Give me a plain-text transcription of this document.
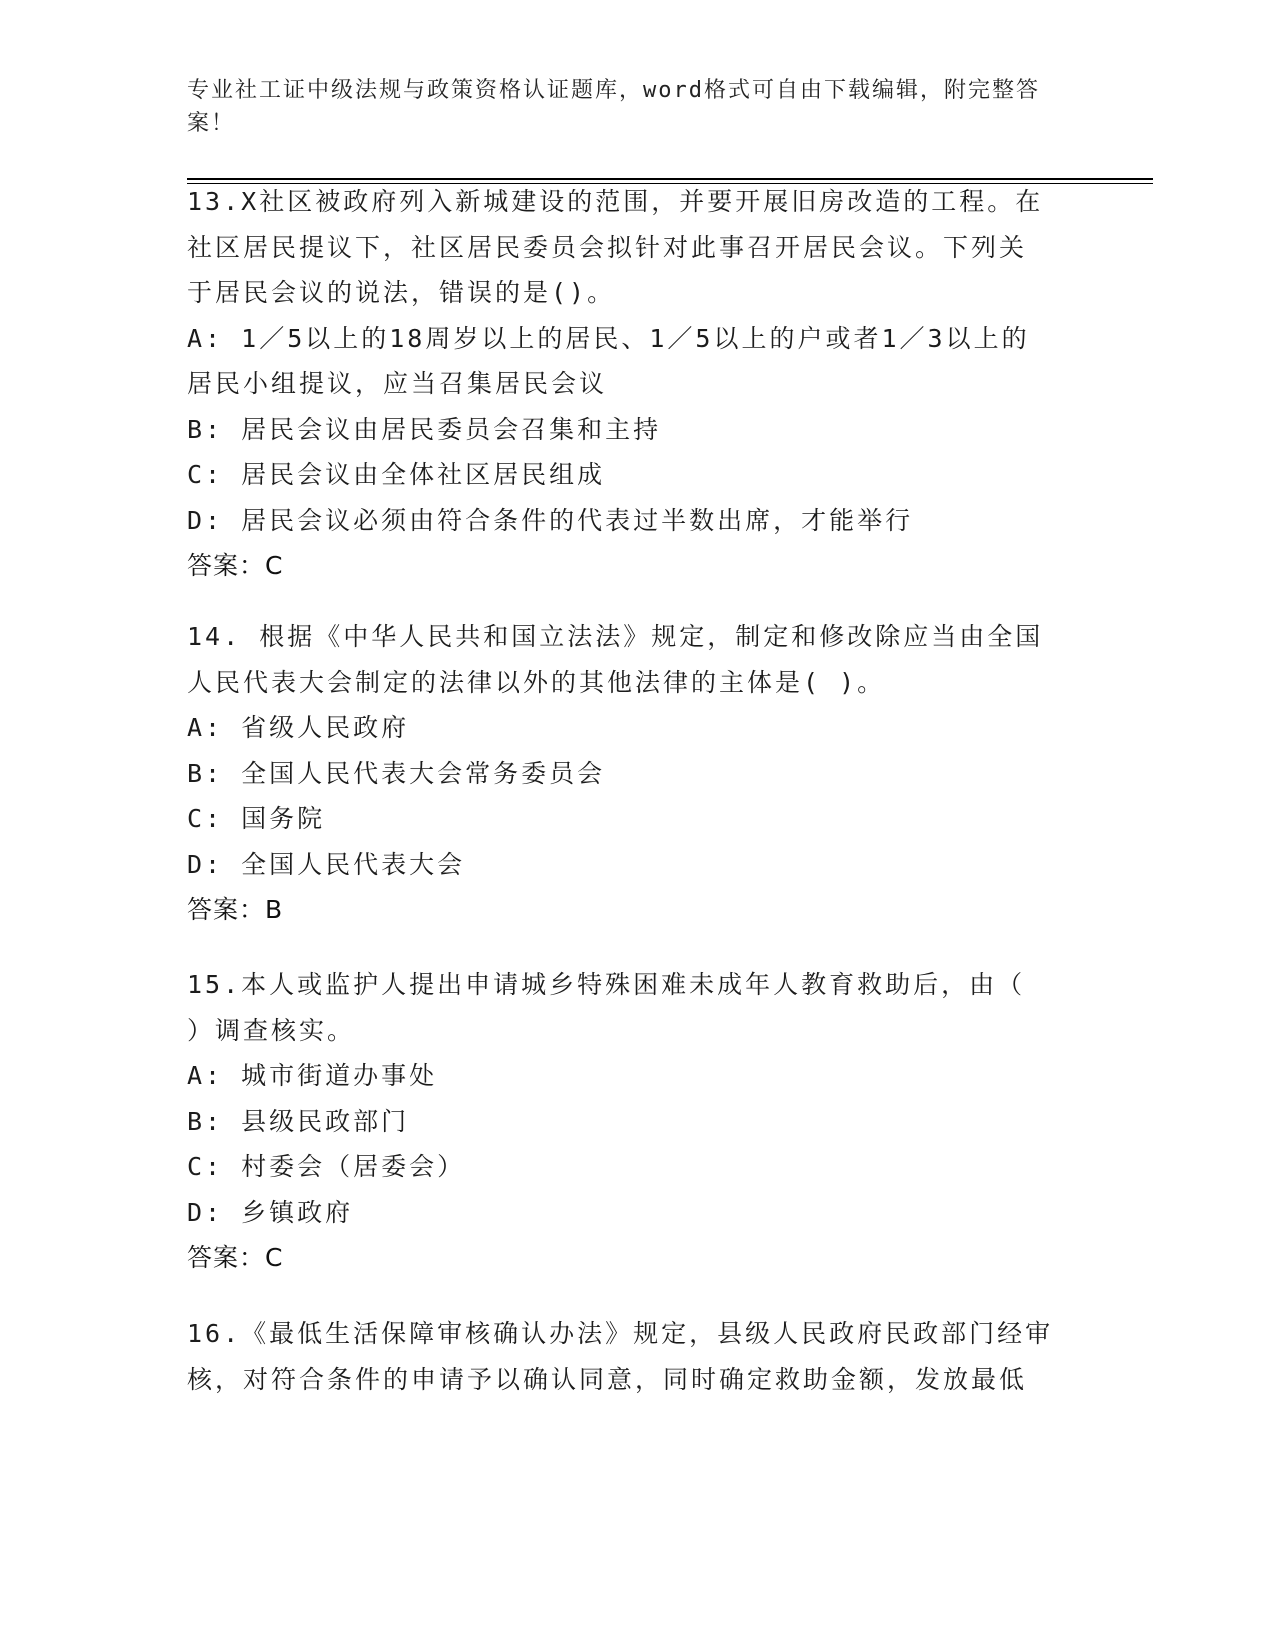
专业社工证中级法规与政策资格认证题库，word格式可自由下载编辑，附完整答
案！
13.X社区被政府列入新城建设的范围，并要开展旧房改造的工程。在
社区居民提议下，社区居民委员会拟针对此事召开居民会议。下列关
于居民会议的说法，错误的是()。
A: 1／5以上的18周岁以上的居民、1／5以上的户或者1／3以上的
居民小组提议，应当召集居民会议
B: 居民会议由居民委员会召集和主持
C: 居民会议由全体社区居民组成
D: 居民会议必须由符合条件的代表过半数出席，才能举行
答案：C
14. 根据《中华人民共和国立法法》规定，制定和修改除应当由全国
人民代表大会制定的法律以外的其他法律的主体是( )。
A: 省级人民政府
B: 全国人民代表大会常务委员会
C: 国务院
D: 全国人民代表大会
答案：B
15.本人或监护人提出申请城乡特殊困难未成年人教育救助后，由（
）调查核实。
A: 城市街道办事处
B: 县级民政部门
C: 村委会（居委会）
D: 乡镇政府
答案：C
16.《最低生活保障审核确认办法》规定，县级人民政府民政部门经审
核，对符合条件的申请予以确认同意，同时确定救助金额，发放最低
